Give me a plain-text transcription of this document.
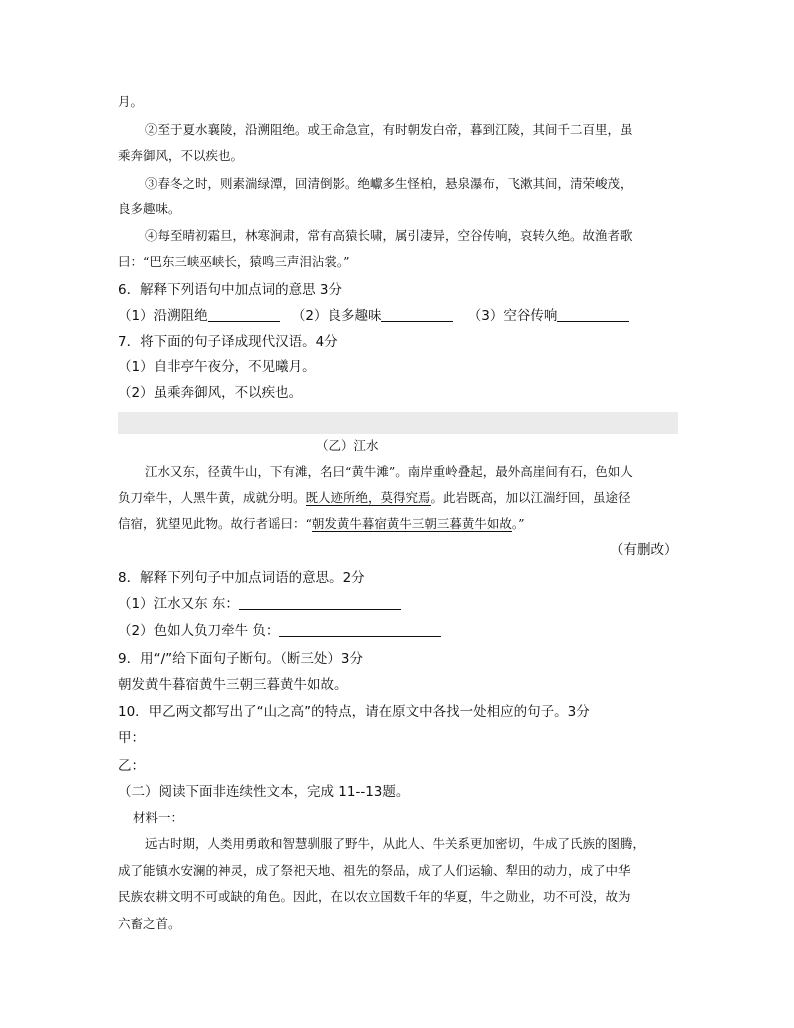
月。
②至于夏水襄陵，沿溯阻绝。或王命急宣，有时朝发白帝，暮到江陵，其间千二百里，虽
乘奔御风，不以疾也。
③春冬之时，则素湍绿潭，回清倒影。绝巘多生怪柏，悬泉瀑布，飞漱其间，清荣峻茂，
良多趣味。
④每至晴初霜旦，林寒涧肃，常有高猿长啸，属引凄异，空谷传响，哀转久绝。故渔者歌
曰：“巴东三峡巫峡长，猿鸣三声泪沾裳。”
6．解释下列语句中加点词的意思 3分
（1）沿溯阻绝	（2）良多趣味	（3）空谷传响
7．将下面的句子译成现代汉语。4分
（1）自非亭午夜分，不见曦月。
（2）虽乘奔御风，不以疾也。
（乙）江水
江水又东，径黄牛山，下有滩，名曰“黄牛滩”。南岸重岭叠起，最外高崖间有石，色如人
负刀牵牛，人黑牛黄，成就分明。既人迹所绝，莫得究焉。此岩既高，加以江湍纡回，虽途径
信宿，犹望见此物。故行者谣曰：“朝发黄牛暮宿黄牛三朝三暮黄牛如故。”
（有删改）
8．解释下列句子中加点词语的意思。2分
（1）江水又东 东：
（2）色如人负刀牵牛 负：
9．用“/”给下面句子断句。（断三处）3分
朝发黄牛暮宿黄牛三朝三暮黄牛如故。
10．甲乙两文都写出了“山之高”的特点，请在原文中各找一处相应的句子。3分
甲：
乙：
（二）阅读下面非连续性文本，完成 11--13题。
材料一：
远古时期，人类用勇敢和智慧驯服了野牛，从此人、牛关系更加密切，牛成了氏族的图腾，
成了能镇水安澜的神灵，成了祭祀天地、祖先的祭品，成了人们运输、犁田的动力，成了中华
民族农耕文明不可或缺的角色。因此，在以农立国数千年的华夏，牛之勋业，功不可没，故为
六畜之首。
